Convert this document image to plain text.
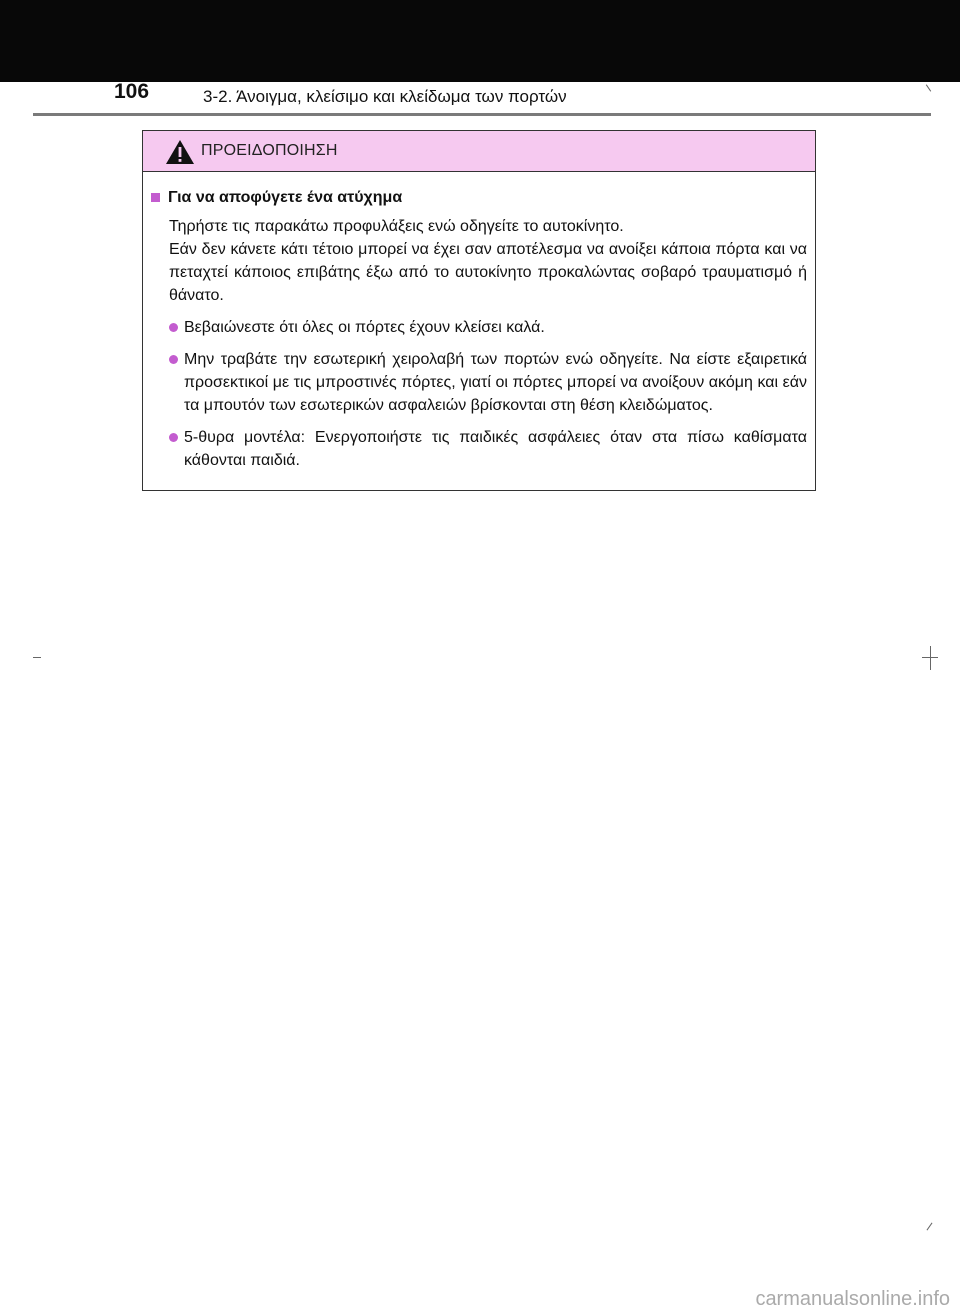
106	3-2. Άνοιγμα, κλείσιμο και κλείδωμα των πορτών
ΠΡΟΕΙΔΟΠΟΙΗΣΗ
Για να αποφύγετε ένα ατύχημα
Τηρήστε τις παρακάτω προφυλάξεις ενώ οδηγείτε το αυτοκίνητο.
Εάν δεν κάνετε κάτι τέτοιο μπορεί να έχει σαν αποτέλεσμα να ανοίξει κάποια πόρτα και να πεταχτεί κάποιος επιβάτης έξω από το αυτοκίνητο προκαλώντας σοβαρό τραυματισμό ή θάνατο.
Βεβαιώνεστε ότι όλες οι πόρτες έχουν κλείσει καλά.
Μην τραβάτε την εσωτερική χειρολαβή των πορτών ενώ οδηγείτε. Να είστε εξαιρετικά προσεκτικοί με τις μπροστινές πόρτες, γιατί οι πόρτες μπορεί να ανοίξουν ακόμη και εάν τα μπουτόν των εσωτερικών ασφαλειών βρίσκονται στη θέση κλειδώματος.
5-θυρα μοντέλα: Ενεργοποιήστε τις παιδικές ασφάλειες όταν στα πίσω καθίσματα κάθονται παιδιά.
carmanualsonline.info
